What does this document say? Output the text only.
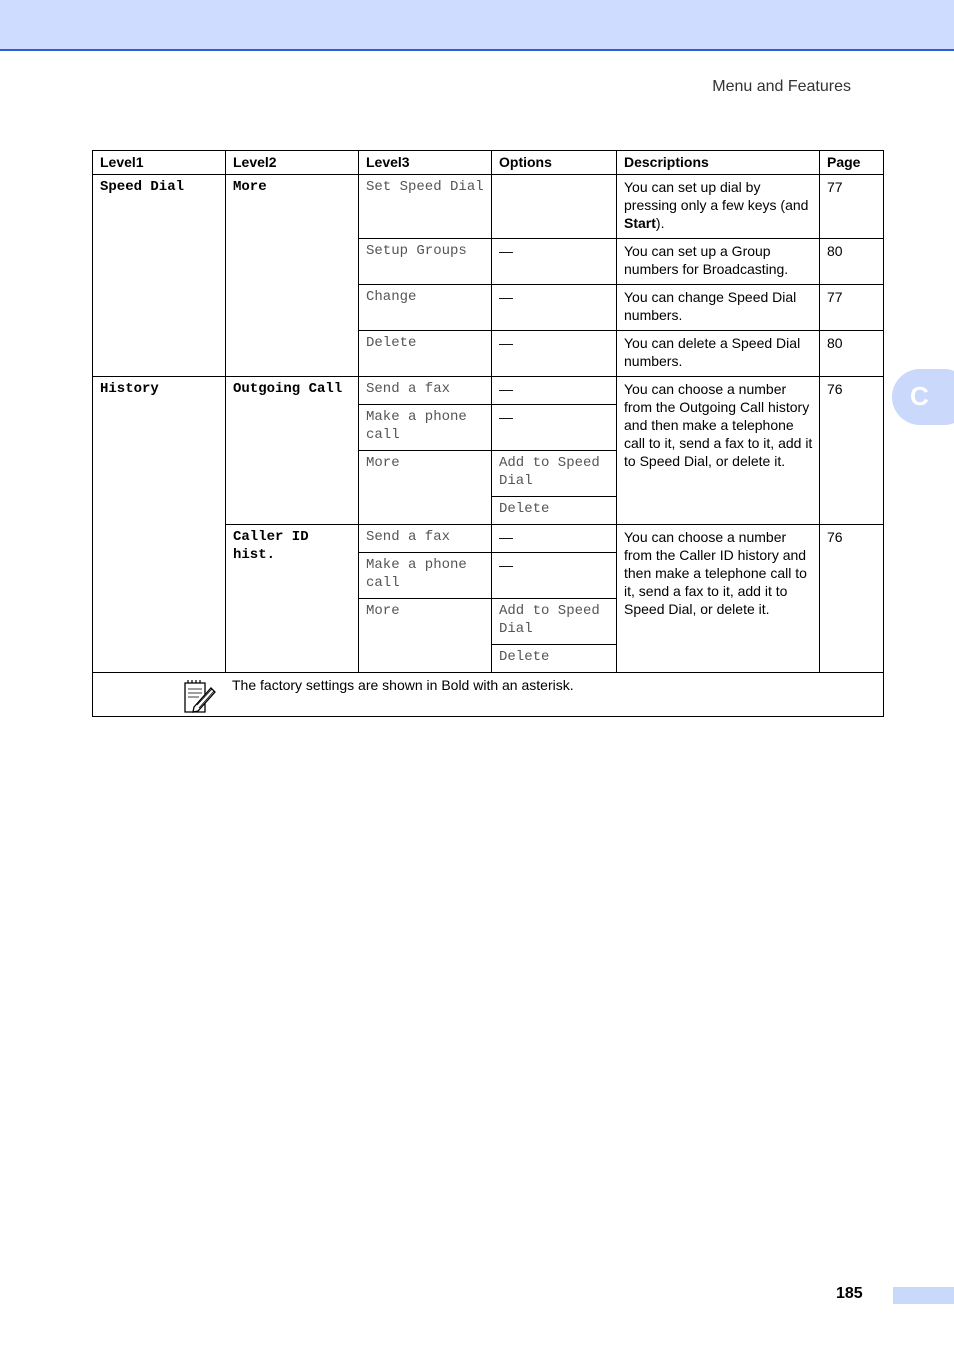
Menu and Features
C
Level1	Level2	Level3	Options	Descriptions	Page
Speed Dial	More	Set Speed Dial		You can set up dial by pressing only a few keys (and Start).	77
		Setup Groups	—	You can set up a Group numbers for Broadcasting.	80
		Change	—	You can change Speed Dial numbers.	77
		Delete	—	You can delete a Speed Dial numbers.	80
History	Outgoing Call	Send a fax	—	You can choose a number from the Outgoing Call history and then make a telephone call to it, send a fax to it, add it to Speed Dial, or delete it.	76
		Make a phone call	—		
		More	Add to Speed Dial		
			Delete		
	Caller ID hist.	Send a fax	—	You can choose a number from the Caller ID history and then make a telephone call to it, send a fax to it, add it to Speed Dial, or delete it.	76
		Make a phone call	—		
		More	Add to Speed Dial		
			Delete		

The factory settings are shown in Bold with an asterisk.					
185
